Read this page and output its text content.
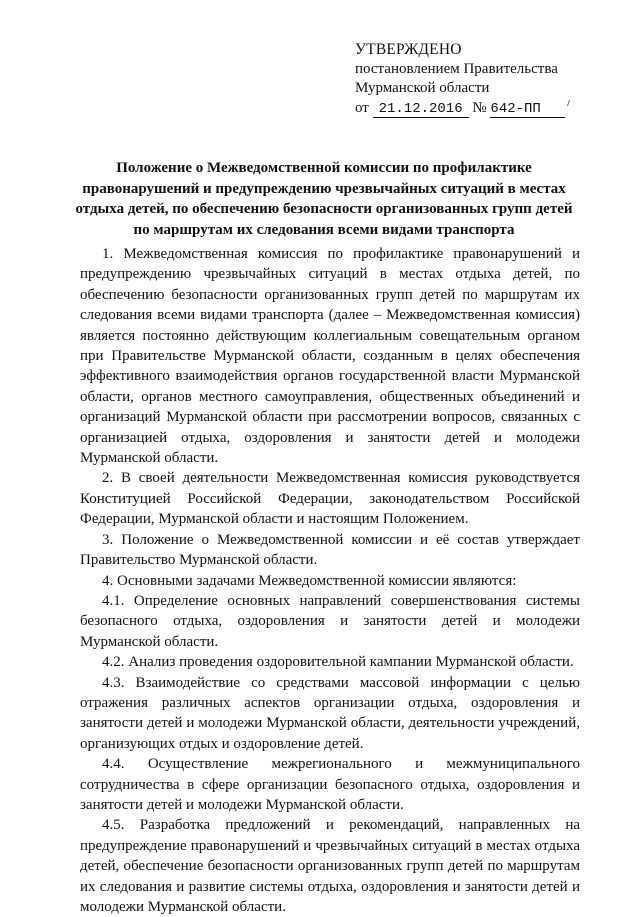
УТВЕРЖДЕНО
постановлением Правительства
Мурманской области
от 21.12.2016 № 642-ПП
Положение о Межведомственной комиссии по профилактике
правонарушений и предупреждению чрезвычайных ситуаций в местах
отдыха детей, по обеспечению безопасности организованных групп детей
по маршрутам их следования всеми видами транспорта

1. Межведомственная комиссия по профилактике правонарушений и предупреждению чрезвычайных ситуаций в местах отдыха детей, по обеспечению безопасности организованных групп детей по маршрутам их следования всеми видами транспорта (далее – Межведомственная комиссия) является постоянно действующим коллегиальным совещательным органом при Правительстве Мурманской области, созданным в целях обеспечения эффективного взаимодействия органов государственной власти Мурманской области, органов местного самоуправления, общественных объединений и организаций Мурманской области при рассмотрении вопросов, связанных с организацией отдыха, оздоровления и занятости детей и молодежи Мурманской области.

2. В своей деятельности Межведомственная комиссия руководствуется Конституцией Российской Федерации, законодательством Российской Федерации, Мурманской области и настоящим Положением.

3. Положение о Межведомственной комиссии и её состав утверждает Правительство Мурманской области.

4. Основными задачами Межведомственной комиссии являются:

4.1. Определение основных направлений совершенствования системы безопасного отдыха, оздоровления и занятости детей и молодежи Мурманской области.

4.2. Анализ проведения оздоровительной кампании Мурманской области.

4.3. Взаимодействие со средствами массовой информации с целью отражения различных аспектов организации отдыха, оздоровления и занятости детей и молодежи Мурманской области, деятельности учреждений, организующих отдых и оздоровление детей.

4.4. Осуществление межрегионального и межмуниципального сотрудничества в сфере организации безопасного отдыха, оздоровления и занятости детей и молодежи Мурманской области.

4.5. Разработка предложений и рекомендаций, направленных на предупреждение правонарушений и чрезвычайных ситуаций в местах отдыха детей, обеспечение безопасности организованных групп детей по маршрутам их следования и развитие системы отдыха, оздоровления и занятости детей и молодежи Мурманской области.
